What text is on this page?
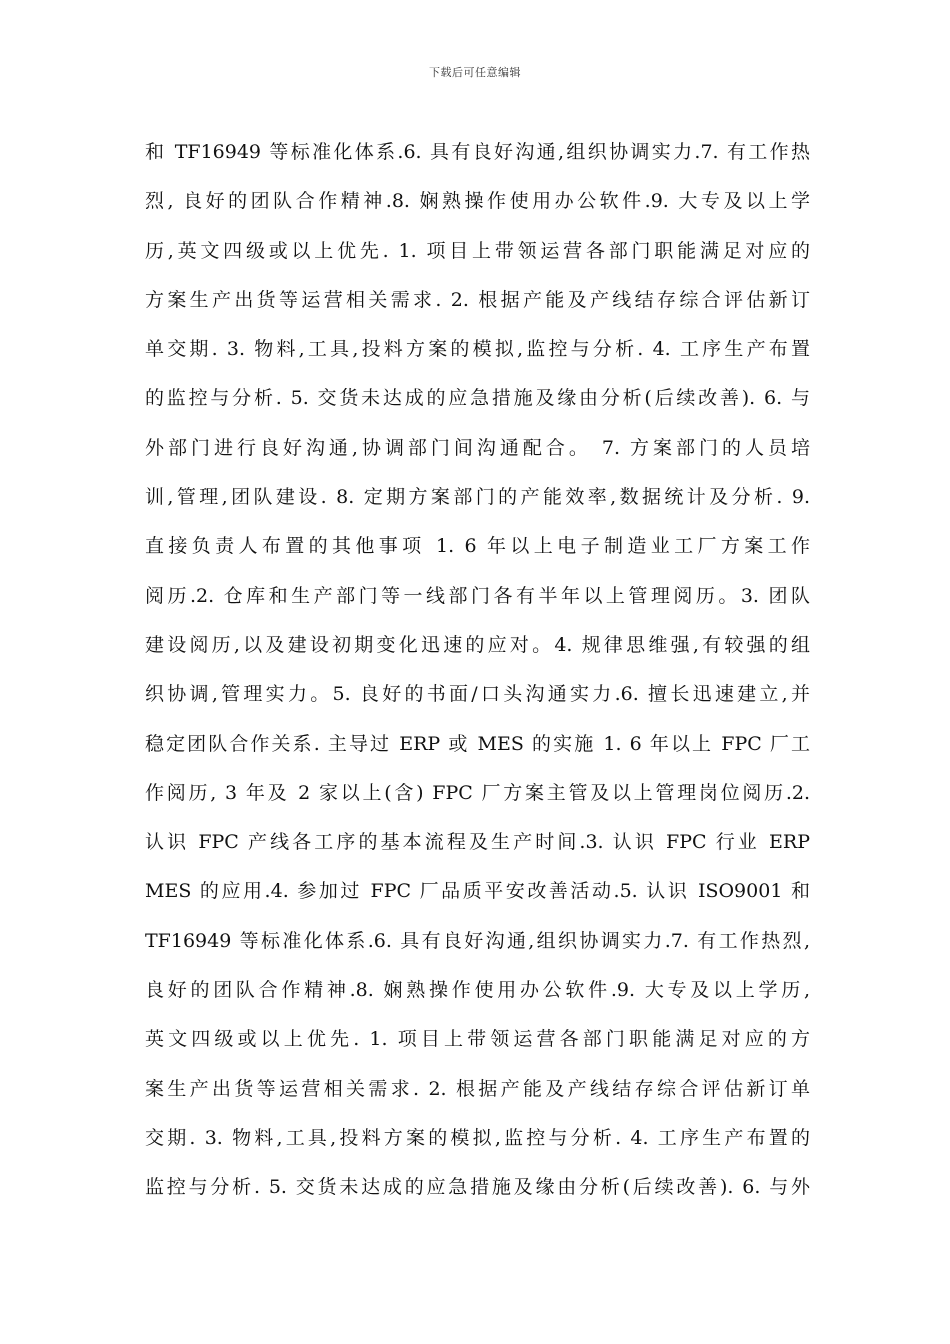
下载后可任意编辑
和 TF16949 等标准化体系.6. 具有良好沟通,组织协调实力.7. 有工作热
烈, 良好的团队合作精神.8. 娴熟操作使用办公软件.9. 大专及以上学
历,英文四级或以上优先. 1. 项目上带领运营各部门职能满足对应的
方案生产出货等运营相关需求. 2. 根据产能及产线结存综合评估新订
单交期. 3. 物料,工具,投料方案的模拟,监控与分析. 4. 工序生产布置
的监控与分析. 5. 交货未达成的应急措施及缘由分析(后续改善). 6. 与
外部门进行良好沟通,协调部门间沟通配合。 7. 方案部门的人员培
训,管理,团队建设. 8. 定期方案部门的产能效率,数据统计及分析. 9.
直接负责人布置的其他事项 1. 6 年以上电子制造业工厂方案工作
阅历.2. 仓库和生产部门等一线部门各有半年以上管理阅历。3. 团队
建设阅历,以及建设初期变化迅速的应对。4. 规律思维强,有较强的组
织协调,管理实力。5. 良好的书面/口头沟通实力.6. 擅长迅速建立,并
稳定团队合作关系. 主导过 ERP 或 MES 的实施 1. 6 年以上 FPC 厂工
作阅历, 3 年及 2 家以上(含) FPC 厂方案主管及以上管理岗位阅历.2.
认识 FPC 产线各工序的基本流程及生产时间.3. 认识 FPC 行业 ERP
MES 的应用.4. 参加过 FPC 厂品质平安改善活动.5. 认识 ISO9001 和
TF16949 等标准化体系.6. 具有良好沟通,组织协调实力.7. 有工作热烈,
良好的团队合作精神.8. 娴熟操作使用办公软件.9. 大专及以上学历,
英文四级或以上优先. 1. 项目上带领运营各部门职能满足对应的方
案生产出货等运营相关需求. 2. 根据产能及产线结存综合评估新订单
交期. 3. 物料,工具,投料方案的模拟,监控与分析. 4. 工序生产布置的
监控与分析. 5. 交货未达成的应急措施及缘由分析(后续改善). 6. 与外
